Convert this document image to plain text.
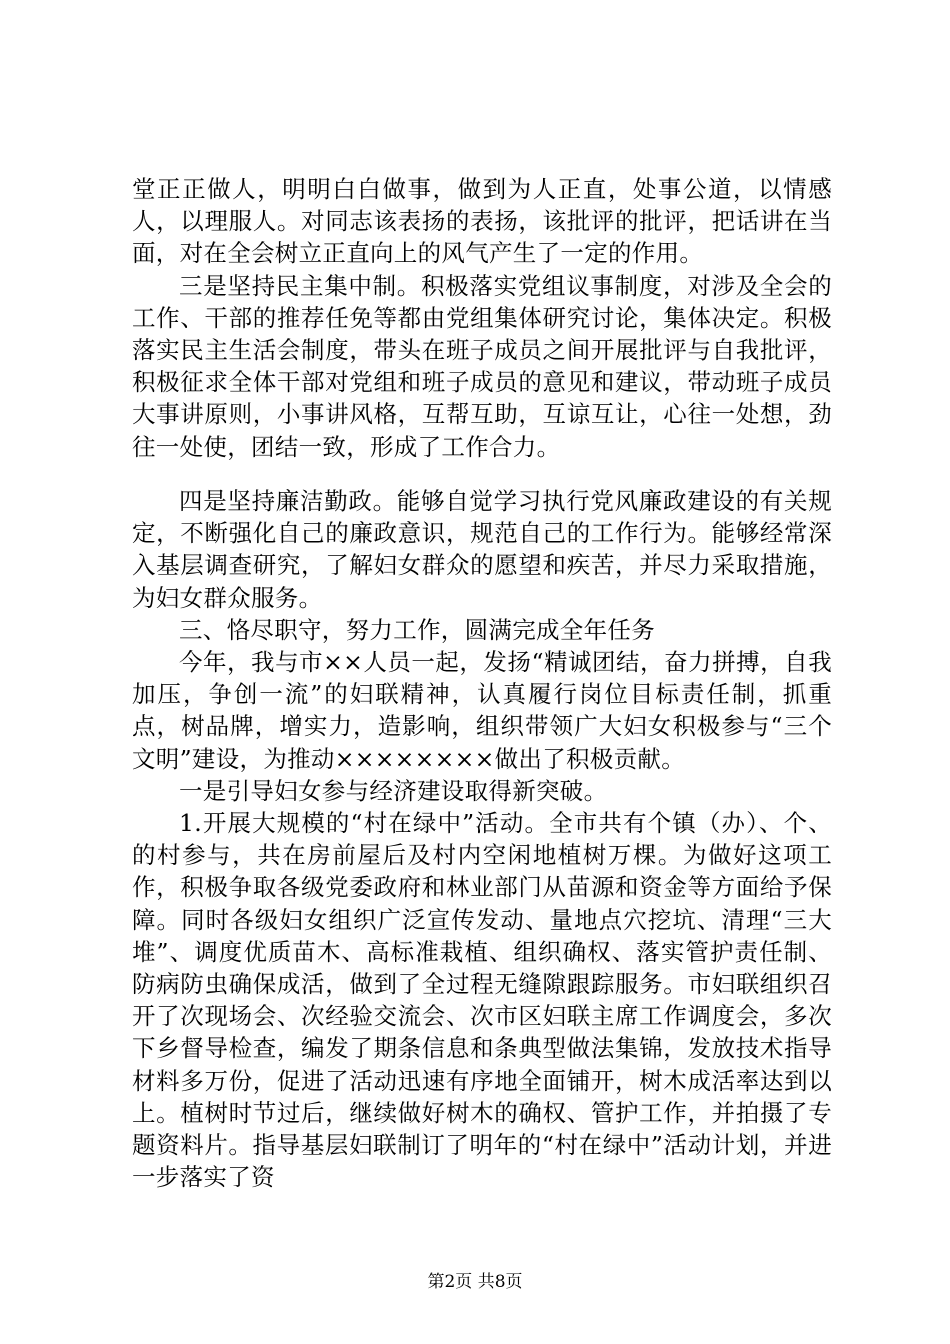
堂正正做人，明明白白做事，做到为人正直，处事公道，以情感人，以理服人。对同志该表扬的表扬，该批评的批评，把话讲在当面，对在全会树立正直向上的风气产生了一定的作用。

三是坚持民主集中制。积极落实党组议事制度，对涉及全会的工作、干部的推荐任免等都由党组集体研究讨论，集体决定。积极落实民主生活会制度，带头在班子成员之间开展批评与自我批评，积极征求全体干部对党组和班子成员的意见和建议，带动班子成员大事讲原则，小事讲风格，互帮互助，互谅互让，心往一处想，劲往一处使，团结一致，形成了工作合力。

四是坚持廉洁勤政。能够自觉学习执行党风廉政建设的有关规定，不断强化自己的廉政意识，规范自己的工作行为。能够经常深入基层调查研究，了解妇女群众的愿望和疾苦，并尽力采取措施，为妇女群众服务。

三、恪尽职守，努力工作，圆满完成全年任务

今年，我与市××人员一起，发扬“精诚团结，奋力拼搏，自我加压，争创一流”的妇联精神，认真履行岗位目标责任制，抓重点，树品牌，增实力，造影响，组织带领广大妇女积极参与“三个文明”建设，为推动××××××××做出了积极贡献。

一是引导妇女参与经济建设取得新突破。

1.开展大规模的“村在绿中”活动。全市共有个镇（办）、个、的村参与，共在房前屋后及村内空闲地植树万棵。为做好这项工作，积极争取各级党委政府和林业部门从苗源和资金等方面给予保障。同时各级妇女组织广泛宣传发动、量地点穴挖坑、清理“三大堆”、调度优质苗木、高标准栽植、组织确权、落实管护责任制、防病防虫确保成活，做到了全过程无缝隙跟踪服务。市妇联组织召开了次现场会、次经验交流会、次市区妇联主席工作调度会，多次下乡督导检查，编发了期条信息和条典型做法集锦，发放技术指导材料多万份，促进了活动迅速有序地全面铺开，树木成活率达到以上。植树时节过后，继续做好树木的确权、管护工作，并拍摄了专题资料片。指导基层妇联制订了明年的“村在绿中”活动计划，并进一步落实了资

第2页 共8页
